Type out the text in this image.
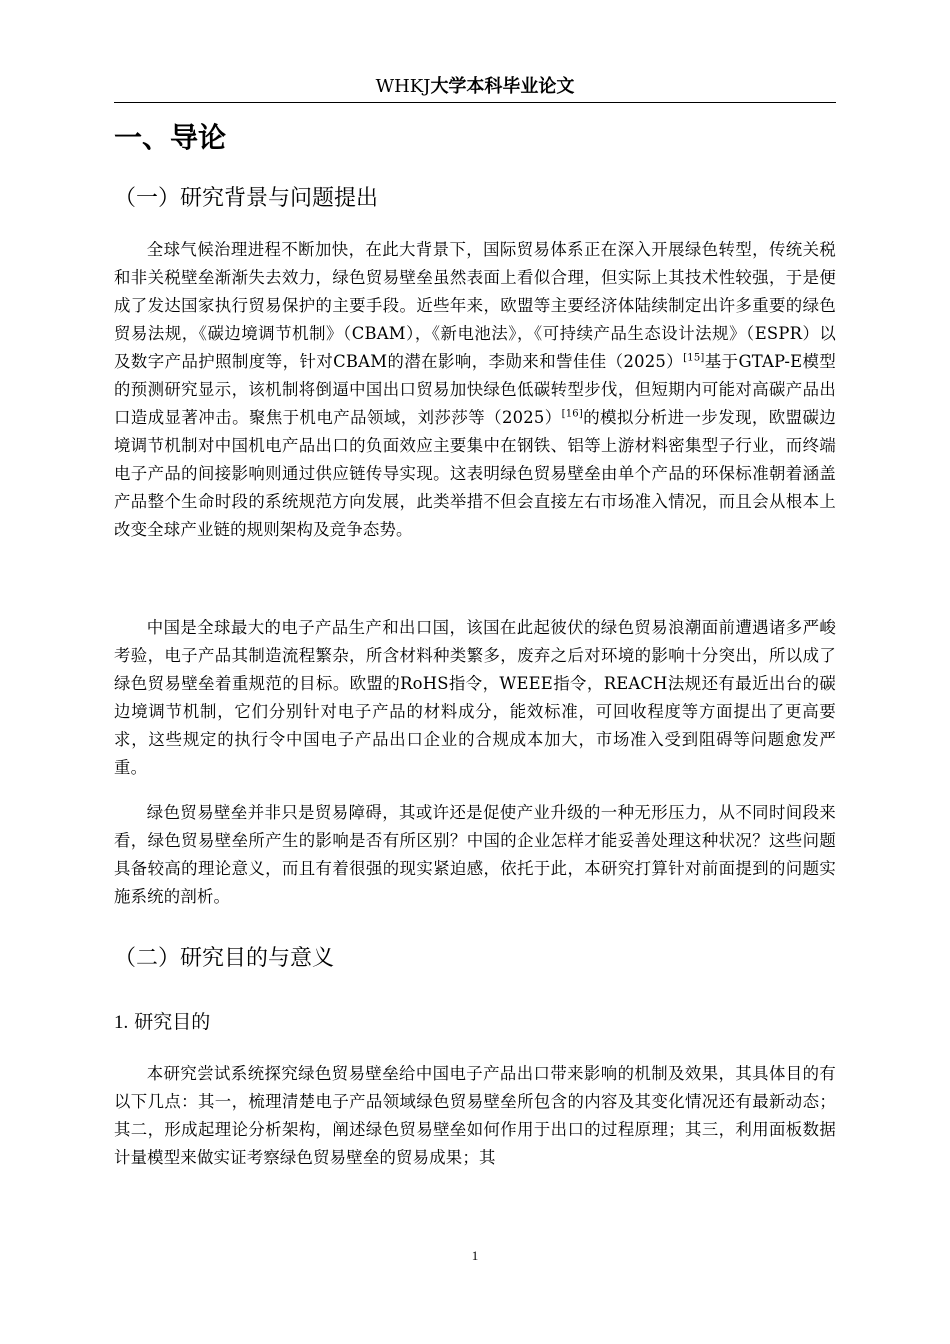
WHKJ大学本科毕业论文
一、导论
（一）研究背景与问题提出

全球气候治理进程不断加快，在此大背景下，国际贸易体系正在深入开展绿色转型，传统关税和非关税壁垒渐渐失去效力，绿色贸易壁垒虽然表面上看似合理，但实际上其技术性较强，于是便成了发达国家执行贸易保护的主要手段。近些年来，欧盟等主要经济体陆续制定出许多重要的绿色贸易法规，《碳边境调节机制》（CBAM），《新电池法》，《可持续产品生态设计法规》（ESPR）以及数字产品护照制度等，针对CBAM的潜在影响，李勋来和訾佳佳（2025）[15]基于GTAP-E模型的预测研究显示，该机制将倒逼中国出口贸易加快绿色低碳转型步伐，但短期内可能对高碳产品出口造成显著冲击。聚焦于机电产品领域，刘莎莎等（2025）[16]的模拟分析进一步发现，欧盟碳边境调节机制对中国机电产品出口的负面效应主要集中在钢铁、铝等上游材料密集型子行业，而终端电子产品的间接影响则通过供应链传导实现。这表明绿色贸易壁垒由单个产品的环保标准朝着涵盖产品整个生命时段的系统规范方向发展，此类举措不但会直接左右市场准入情况，而且会从根本上改变全球产业链的规则架构及竞争态势。

中国是全球最大的电子产品生产和出口国，该国在此起彼伏的绿色贸易浪潮面前遭遇诸多严峻考验，电子产品其制造流程繁杂，所含材料种类繁多，废弃之后对环境的影响十分突出，所以成了绿色贸易壁垒着重规范的目标。欧盟的RoHS指令，WEEE指令，REACH法规还有最近出台的碳边境调节机制，它们分别针对电子产品的材料成分，能效标准，可回收程度等方面提出了更高要求，这些规定的执行令中国电子产品出口企业的合规成本加大，市场准入受到阻碍等问题愈发严重。

绿色贸易壁垒并非只是贸易障碍，其或许还是促使产业升级的一种无形压力，从不同时间段来看，绿色贸易壁垒所产生的影响是否有所区别？中国的企业怎样才能妥善处理这种状况？这些问题具备较高的理论意义，而且有着很强的现实紧迫感，依托于此，本研究打算针对前面提到的问题实施系统的剖析。

（二）研究目的与意义
1. 研究目的

本研究尝试系统探究绿色贸易壁垒给中国电子产品出口带来影响的机制及效果，其具体目的有以下几点：其一，梳理清楚电子产品领域绿色贸易壁垒所包含的内容及其变化情况还有最新动态；其二，形成起理论分析架构，阐述绿色贸易壁垒如何作用于出口的过程原理；其三，利用面板数据计量模型来做实证考察绿色贸易壁垒的贸易成果；其

1
